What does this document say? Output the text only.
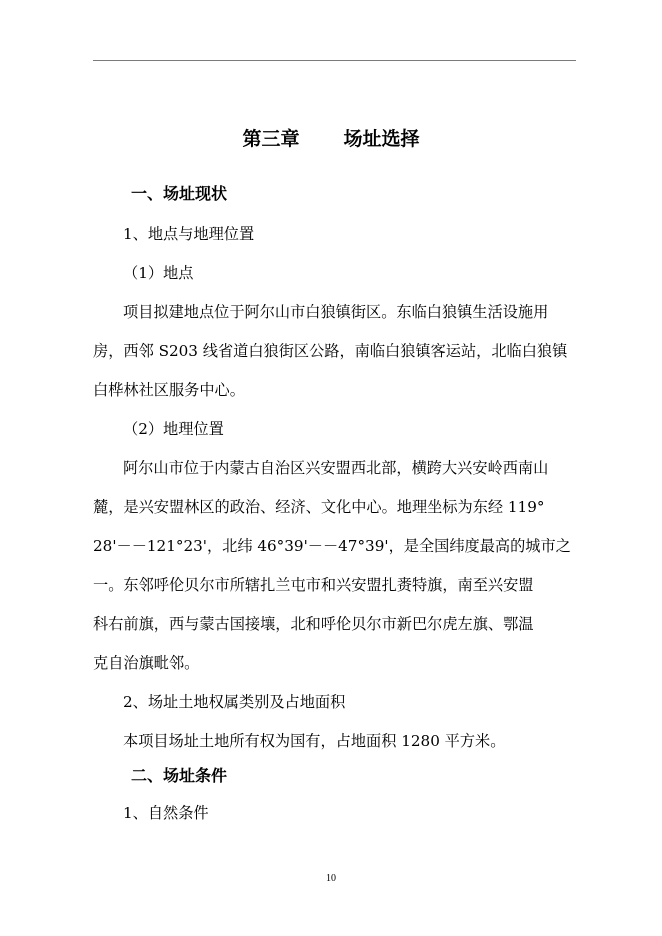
第三章 场址选择
一、场址现状
1、地点与地理位置
（1）地点
项目拟建地点位于阿尔山市白狼镇街区。东临白狼镇生活设施用
房，西邻 S203 线省道白狼街区公路，南临白狼镇客运站，北临白狼镇
白桦林社区服务中心。
（2）地理位置
阿尔山市位于内蒙古自治区兴安盟西北部，横跨大兴安岭西南山
麓，是兴安盟林区的政治、经济、文化中心。地理坐标为东经 119°
28'－－121°23'，北纬 46°39'－－47°39'，是全国纬度最高的城市之
一。东邻呼伦贝尔市所辖扎兰屯市和兴安盟扎赉特旗，南至兴安盟
科右前旗，西与蒙古国接壤，北和呼伦贝尔市新巴尔虎左旗、鄂温
克自治旗毗邻。
2、场址土地权属类别及占地面积
本项目场址土地所有权为国有，占地面积 1280 平方米。
二、场址条件
1、自然条件
10
